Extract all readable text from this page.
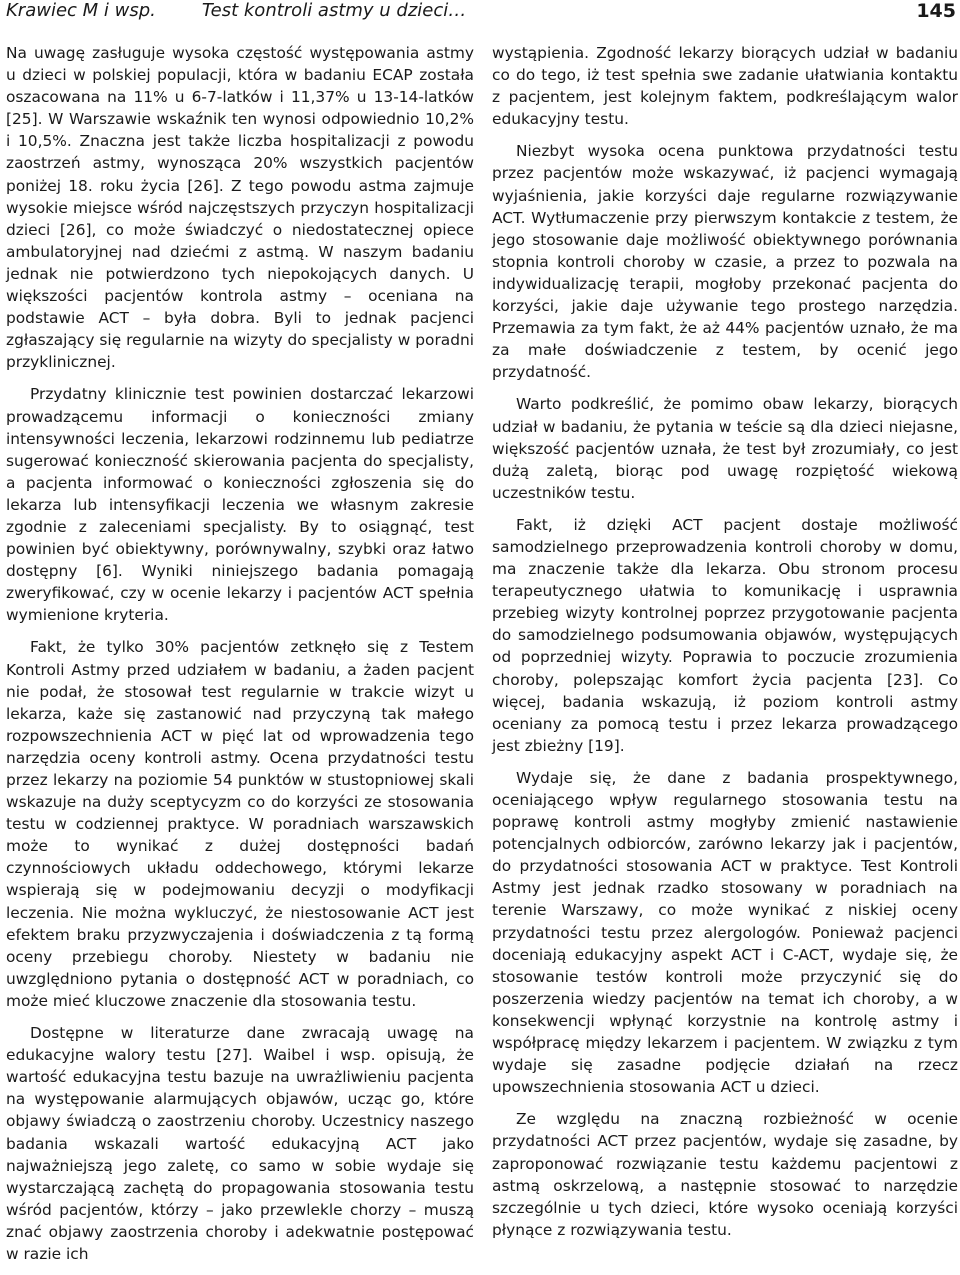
Krawiec M i wsp.	Test kontroli astmy u dzieci…	145

Na uwagę zasługuje wysoka częstość występowania astmy u dzieci w polskiej populacji, która w badaniu ECAP została oszacowana na 11% u 6-7-latków i 11,37% u 13-14-latków [25]. W Warszawie wskaźnik ten wynosi odpowiednio 10,2% i 10,5%. Znaczna jest także liczba hospitalizacji z powodu zaostrzeń astmy, wynosząca 20% wszystkich pacjentów poniżej 18. roku życia [26]. Z tego powodu astma zajmuje wysokie miejsce wśród najczęstszych przyczyn hospitalizacji dzieci [26], co może świadczyć o niedostatecznej opiece ambulatoryjnej nad dziećmi z astmą. W naszym badaniu jednak nie potwierdzono tych niepokojących danych. U większości pacjentów kontrola astmy – oceniana na podstawie ACT – była dobra. Byli to jednak pacjenci zgłaszający się regularnie na wizyty do specjalisty w poradni przyklinicznej.

Przydatny klinicznie test powinien dostarczać lekarzowi prowadzącemu informacji o konieczności zmiany intensywności leczenia, lekarzowi rodzinnemu lub pediatrze sugerować konieczność skierowania pacjenta do specjalisty, a pacjenta informować o konieczności zgłoszenia się do lekarza lub intensyfikacji leczenia we własnym zakresie zgodnie z zaleceniami specjalisty. By to osiągnąć, test powinien być obiektywny, porównywalny, szybki oraz łatwo dostępny [6]. Wyniki niniejszego badania pomagają zweryfikować, czy w ocenie lekarzy i pacjentów ACT spełnia wymienione kryteria.

Fakt, że tylko 30% pacjentów zetknęło się z Testem Kontroli Astmy przed udziałem w badaniu, a żaden pacjent nie podał, że stosował test regularnie w trakcie wizyt u lekarza, każe się zastanowić nad przyczyną tak małego rozpowszechnienia ACT w pięć lat od wprowadzenia tego narzędzia oceny kontroli astmy. Ocena przydatności testu przez lekarzy na poziomie 54 punktów w stustopniowej skali wskazuje na duży sceptycyzm co do korzyści ze stosowania testu w codziennej praktyce. W poradniach warszawskich może to wynikać z dużej dostępności badań czynnościowych układu oddechowego, którymi lekarze wspierają się w podejmowaniu decyzji o modyfikacji leczenia. Nie można wykluczyć, że niestosowanie ACT jest efektem braku przyzwyczajenia i doświadczenia z tą formą oceny przebiegu choroby. Niestety w badaniu nie uwzględniono pytania o dostępność ACT w poradniach, co może mieć kluczowe znaczenie dla stosowania testu.

Dostępne w literaturze dane zwracają uwagę na edukacyjne walory testu [27]. Waibel i wsp. opisują, że wartość edukacyjna testu bazuje na uwrażliwieniu pacjenta na występowanie alarmujących objawów, ucząc go, które objawy świadczą o zaostrzeniu choroby. Uczestnicy naszego badania wskazali wartość edukacyjną ACT jako najważniejszą jego zaletę, co samo w sobie wydaje się wystarczającą zachętą do propagowania stosowania testu wśród pacjentów, którzy – jako przewlekle chorzy – muszą znać objawy zaostrzenia choroby i adekwatnie postępować w razie ich

wystąpienia. Zgodność lekarzy biorących udział w badaniu co do tego, iż test spełnia swe zadanie ułatwiania kontaktu z pacjentem, jest kolejnym faktem, podkreślającym walor edukacyjny testu.

Niezbyt wysoka ocena punktowa przydatności testu przez pacjentów może wskazywać, iż pacjenci wymagają wyjaśnienia, jakie korzyści daje regularne rozwiązywanie ACT. Wytłumaczenie przy pierwszym kontakcie z testem, że jego stosowanie daje możliwość obiektywnego porównania stopnia kontroli choroby w czasie, a przez to pozwala na indywidualizację terapii, mogłoby przekonać pacjenta do korzyści, jakie daje używanie tego prostego narzędzia. Przemawia za tym fakt, że aż 44% pacjentów uznało, że ma za małe doświadczenie z testem, by ocenić jego przydatność.

Warto podkreślić, że pomimo obaw lekarzy, biorących udział w badaniu, że pytania w teście są dla dzieci niejasne, większość pacjentów uznała, że test był zrozumiały, co jest dużą zaletą, biorąc pod uwagę rozpiętość wiekową uczestników testu.

Fakt, iż dzięki ACT pacjent dostaje możliwość samodzielnego przeprowadzenia kontroli choroby w domu, ma znaczenie także dla lekarza. Obu stronom procesu terapeutycznego ułatwia to komunikację i usprawnia przebieg wizyty kontrolnej poprzez przygotowanie pacjenta do samodzielnego podsumowania objawów, występujących od poprzedniej wizyty. Poprawia to poczucie zrozumienia choroby, polepszając komfort życia pacjenta [23]. Co więcej, badania wskazują, iż poziom kontroli astmy oceniany za pomocą testu i przez lekarza prowadzącego jest zbieżny [19].

Wydaje się, że dane z badania prospektywnego, oceniającego wpływ regularnego stosowania testu na poprawę kontroli astmy mogłyby zmienić nastawienie potencjalnych odbiorców, zarówno lekarzy jak i pacjentów, do przydatności stosowania ACT w praktyce. Test Kontroli Astmy jest jednak rzadko stosowany w poradniach na terenie Warszawy, co może wynikać z niskiej oceny przydatności testu przez alergologów. Ponieważ pacjenci doceniają edukacyjny aspekt ACT i C-ACT, wydaje się, że stosowanie testów kontroli może przyczynić się do poszerzenia wiedzy pacjentów na temat ich choroby, a w konsekwencji wpłynąć korzystnie na kontrolę astmy i współpracę między lekarzem i pacjentem. W związku z tym wydaje się zasadne podjęcie działań na rzecz upowszechnienia stosowania ACT u dzieci.

Ze względu na znaczną rozbieżność w ocenie przydatności ACT przez pacjentów, wydaje się zasadne, by zaproponować rozwiązanie testu każdemu pacjentowi z astmą oskrzelową, a następnie stosować to narzędzie szczególnie u tych dzieci, które wysoko oceniają korzyści płynące z rozwiązywania testu.
